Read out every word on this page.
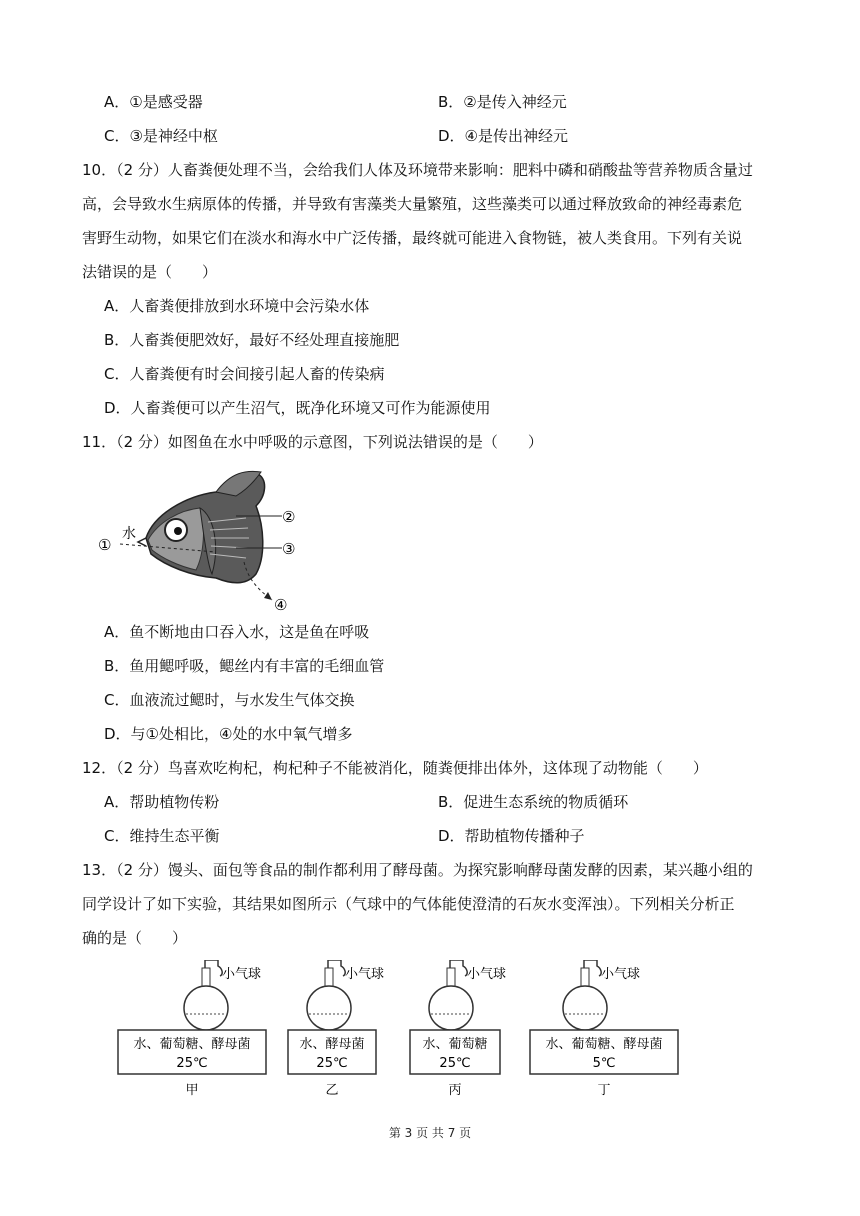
A．①是感受器	B．②是传入神经元
C．③是神经中枢	D．④是传出神经元
10．（2 分）人畜粪便处理不当，会给我们人体及环境带来影响：肥料中磷和硝酸盐等营养物质含量过
高，会导致水生病原体的传播，并导致有害藻类大量繁殖，这些藻类可以通过释放致命的神经毒素危
害野生动物，如果它们在淡水和海水中广泛传播，最终就可能进入食物链，被人类食用。下列有关说
法错误的是（　　）
A．人畜粪便排放到水环境中会污染水体
B．人畜粪便肥效好，最好不经处理直接施肥
C．人畜粪便有时会间接引起人畜的传染病
D．人畜粪便可以产生沼气，既净化环境又可作为能源使用
11．（2 分）如图鱼在水中呼吸的示意图，下列说法错误的是（　　）
水
①
②
③
④
A．鱼不断地由口吞入水，这是鱼在呼吸
B．鱼用鳃呼吸，鳃丝内有丰富的毛细血管
C．血液流过鳃时，与水发生气体交换
D．与①处相比，④处的水中氧气增多
12．（2 分）鸟喜欢吃枸杞，枸杞种子不能被消化，随粪便排出体外，这体现了动物能（　　）
A．帮助植物传粉	B．促进生态系统的物质循环
C．维持生态平衡	D．帮助植物传播种子
13．（2 分）馒头、面包等食品的制作都利用了酵母菌。为探究影响酵母菌发酵的因素，某兴趣小组的
同学设计了如下实验，其结果如图所示（气球中的气体能使澄清的石灰水变浑浊）。下列相关分析正
确的是（　　）
小气球
水、葡萄糖、酵母菌
25℃
甲
小气球
水、酵母菌
25℃
乙
小气球
水、葡萄糖
25℃
丙
小气球
水、葡萄糖、酵母菌
5℃
丁
第 3 页 共 7 页
